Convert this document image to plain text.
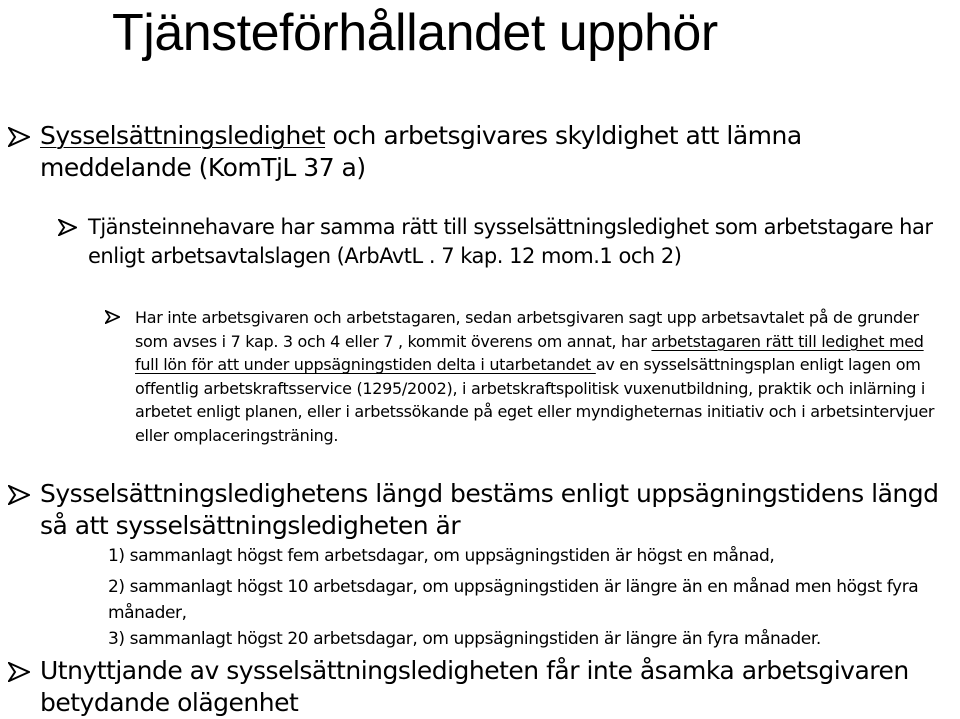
Tjänsteförhållandet upphör

Sysselsättningsledighet och arbetsgivares skyldighet att lämna meddelande (KomTjL 37 a)

Tjänsteinnehavare har samma rätt till sysselsättningsledighet som arbetstagare har enligt arbetsavtalslagen (ArbAvtL . 7 kap. 12 mom.1 och 2)

Har inte arbetsgivaren och arbetstagaren, sedan arbetsgivaren sagt upp arbetsavtalet på de grunder som avses i 7 kap. 3 och 4 eller 7 , kommit överens om annat, har arbetstagaren rätt till ledighet med full lön för att under uppsägningstiden delta i utarbetandet av en sysselsättningsplan enligt lagen om offentlig arbetskraftsservice (1295/2002), i arbetskraftspolitisk vuxenutbildning, praktik och inlärning i arbetet enligt planen, eller i arbetssökande på eget eller myndigheternas initiativ och i arbetsintervjuer eller omplaceringsträning.

Sysselsättningsledighetens längd bestäms enligt uppsägningstidens längd så att sysselsättningsledigheten är

1) sammanlagt högst fem arbetsdagar, om uppsägningstiden är högst en månad,

2) sammanlagt högst 10 arbetsdagar, om uppsägningstiden är längre än en månad men högst fyra månader,

3) sammanlagt högst 20 arbetsdagar, om uppsägningstiden är längre än fyra månader.

Utnyttjande av sysselsättningsledigheten får inte åsamka arbetsgivaren betydande olägenhet
